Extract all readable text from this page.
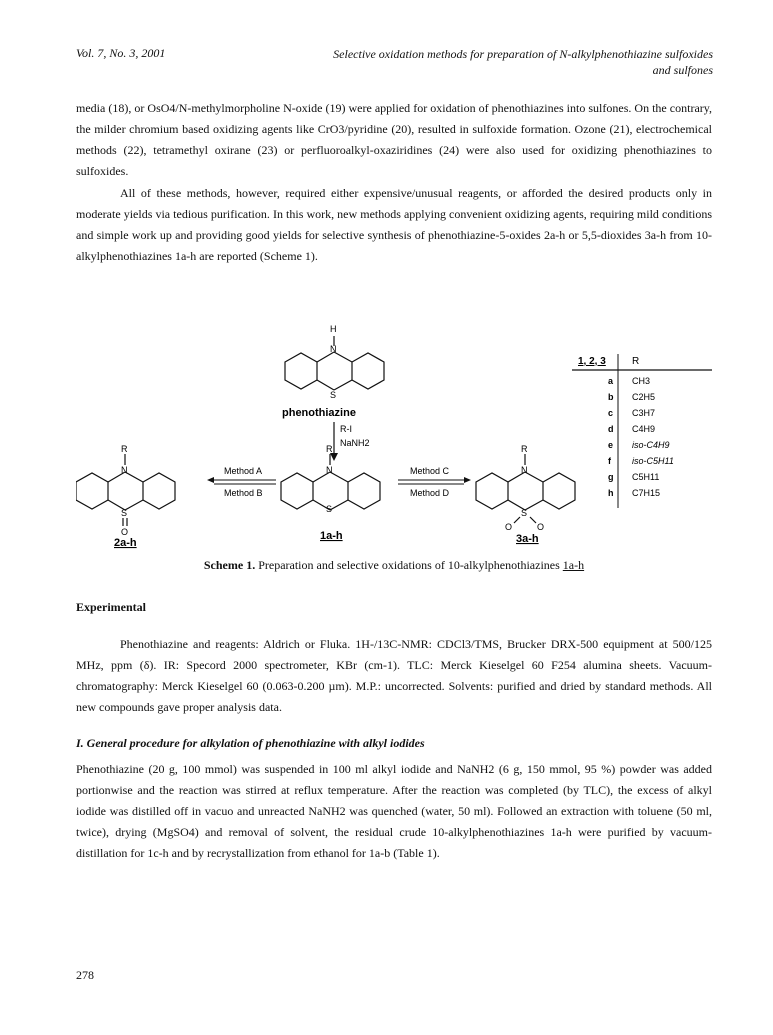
Vol. 7, No. 3, 2001	Selective oxidation methods for preparation of N-alkylphenothiazine sulfoxides
and sulfones

media (18), or OsO4/N-methylmorpholine N-oxide (19) were applied for oxidation of phenothiazines into sulfones. On the contrary, the milder chromium based oxidizing agents like CrO3/pyridine (20), resulted in sulfoxide formation. Ozone (21), electrochemical methods (22), tetramethyl oxirane (23) or perfluoroalkyl-oxaziridines (24) were also used for oxidizing phenothiazines to sulfoxides.

All of these methods, however, required either expensive/unusual reagents, or afforded the desired products only in moderate yields via tedious purification. In this work, new methods applying convenient oxidizing agents, requiring mild conditions and simple work up and providing good yields for selective synthesis of phenothiazine-5-oxides 2a-h or 5,5-dioxides 3a-h from 10-alkylphenothiazines 1a-h are reported (Scheme 1).

H
N
S
phenothiazine
R-I
NaNH2
R
N
S
1a-h
R
N
S
O
2a-h
Method A
Method B
Method C
Method D
R
N
S
O	O
3a-h
1, 2, 3	R
a CH3
b C2H5
c C3H7
d C4H9
e iso-C4H9
f iso-C5H11
g C5H11
h C7H15
Scheme 1. Preparation and selective oxidations of 10-alkylphenothiazines 1a-h
Experimental

Phenothiazine and reagents: Aldrich or Fluka. 1H-/13C-NMR: CDCl3/TMS, Brucker DRX-500 equipment at 500/125 MHz, ppm (δ). IR: Specord 2000 spectrometer, KBr (cm-1). TLC: Merck Kieselgel 60 F254 alumina sheets. Vacuum-chromatography: Merck Kieselgel 60 (0.063-0.200 µm). M.P.: uncorrected. Solvents: purified and dried by standard methods. All new compounds gave proper analysis data.

I. General procedure for alkylation of phenothiazine with alkyl iodides

Phenothiazine (20 g, 100 mmol) was suspended in 100 ml alkyl iodide and NaNH2 (6 g, 150 mmol, 95 %) powder was added portionwise and the reaction was stirred at reflux temperature. After the reaction was completed (by TLC), the excess of alkyl iodide was distilled off in vacuo and unreacted NaNH2 was quenched (water, 50 ml). Followed an extraction with toluene (50 ml, twice), drying (MgSO4) and removal of solvent, the residual crude 10-alkylphenothiazines 1a-h were purified by vacuum-distillation for 1c-h and by recrystallization from ethanol for 1a-b (Table 1).

278
